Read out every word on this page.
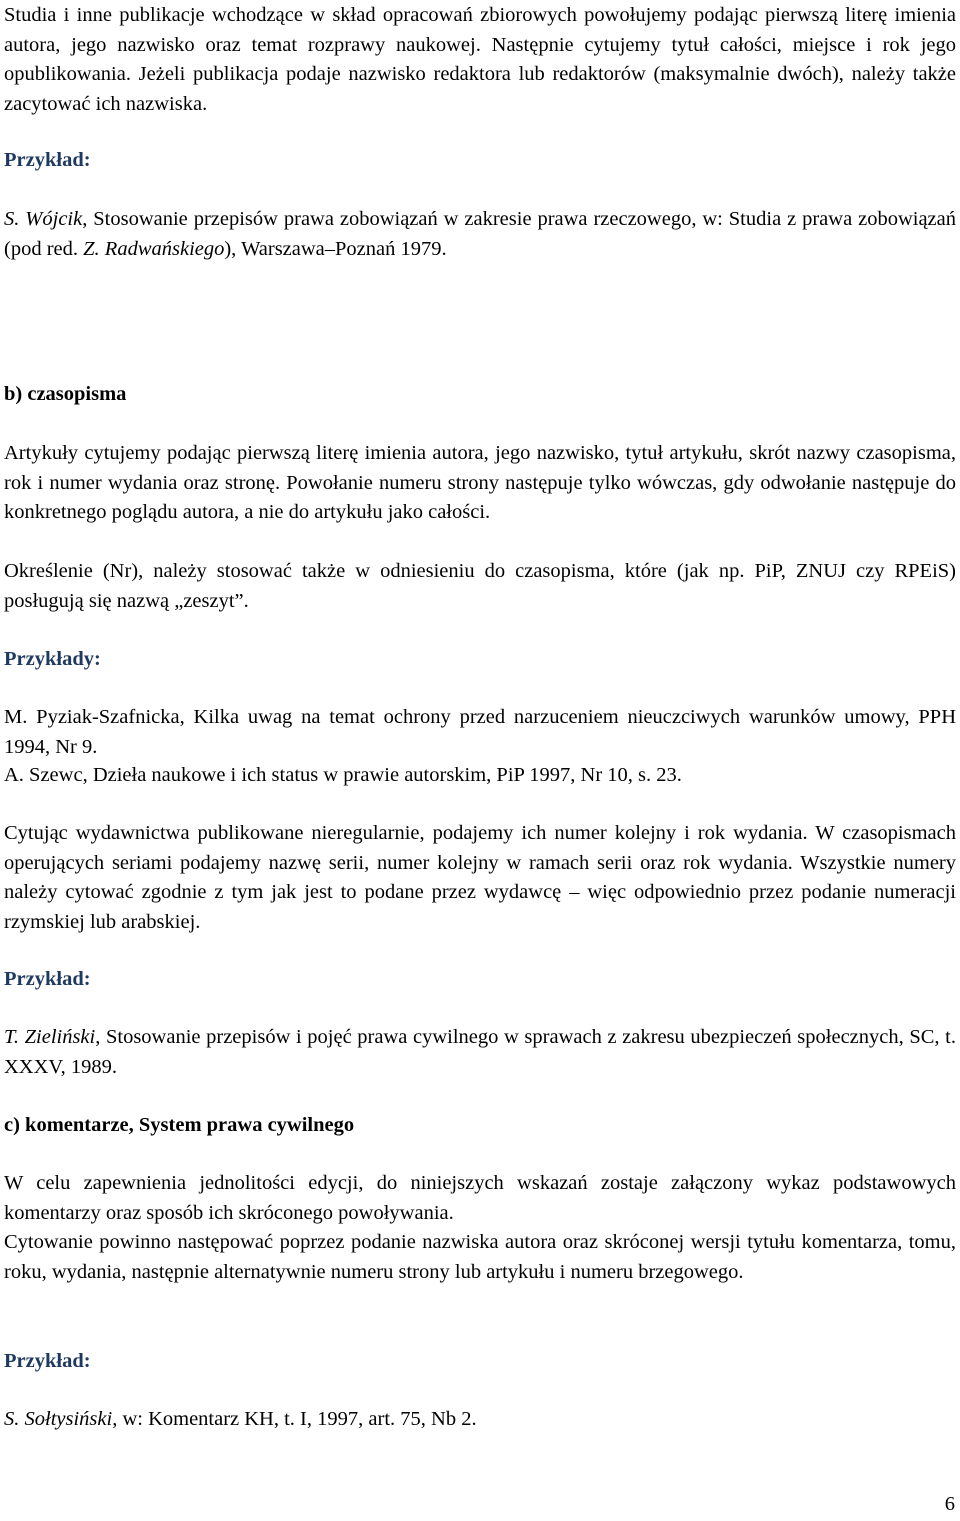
Studia i inne publikacje wchodzące w skład opracowań zbiorowych powołujemy podając pierwszą literę imienia autora, jego nazwisko oraz temat rozprawy naukowej. Następnie cytujemy tytuł całości, miejsce i rok jego opublikowania. Jeżeli publikacja podaje nazwisko redaktora lub redaktorów (maksymalnie dwóch), należy także zacytować ich nazwiska.

Przykład:

S. Wójcik, Stosowanie przepisów prawa zobowiązań w zakresie prawa rzeczowego, w: Studia z prawa zobowiązań (pod red. Z. Radwańskiego), Warszawa–Poznań 1979.

b) czasopisma

Artykuły cytujemy podając pierwszą literę imienia autora, jego nazwisko, tytuł artykułu, skrót nazwy czasopisma, rok i numer wydania oraz stronę. Powołanie numeru strony następuje tylko wówczas, gdy odwołanie następuje do konkretnego poglądu autora, a nie do artykułu jako całości.

Określenie (Nr), należy stosować także w odniesieniu do czasopisma, które (jak np. PiP, ZNUJ czy RPEiS) posługują się nazwą „zeszyt”.

Przykłady:

M. Pyziak-Szafnicka, Kilka uwag na temat ochrony przed narzuceniem nieuczciwych warunków umowy, PPH 1994, Nr 9.

A. Szewc, Dzieła naukowe i ich status w prawie autorskim, PiP 1997, Nr 10, s. 23.

Cytując wydawnictwa publikowane nieregularnie, podajemy ich numer kolejny i rok wydania. W czasopismach operujących seriami podajemy nazwę serii, numer kolejny w ramach serii oraz rok wydania. Wszystkie numery należy cytować zgodnie z tym jak jest to podane przez wydawcę – więc odpowiednio przez podanie numeracji rzymskiej lub arabskiej.

Przykład:

T. Zieliński, Stosowanie przepisów i pojęć prawa cywilnego w sprawach z zakresu ubezpieczeń społecznych, SC, t. XXXV, 1989.

c) komentarze, System prawa cywilnego

W celu zapewnienia jednolitości edycji, do niniejszych wskazań zostaje załączony wykaz podstawowych komentarzy oraz sposób ich skróconego powoływania.

Cytowanie powinno następować poprzez podanie nazwiska autora oraz skróconej wersji tytułu komentarza, tomu, roku, wydania, następnie alternatywnie numeru strony lub artykułu i numeru brzegowego.

Przykład:

S. Sołtysiński, w: Komentarz KH, t. I, 1997, art. 75, Nb 2.

6
